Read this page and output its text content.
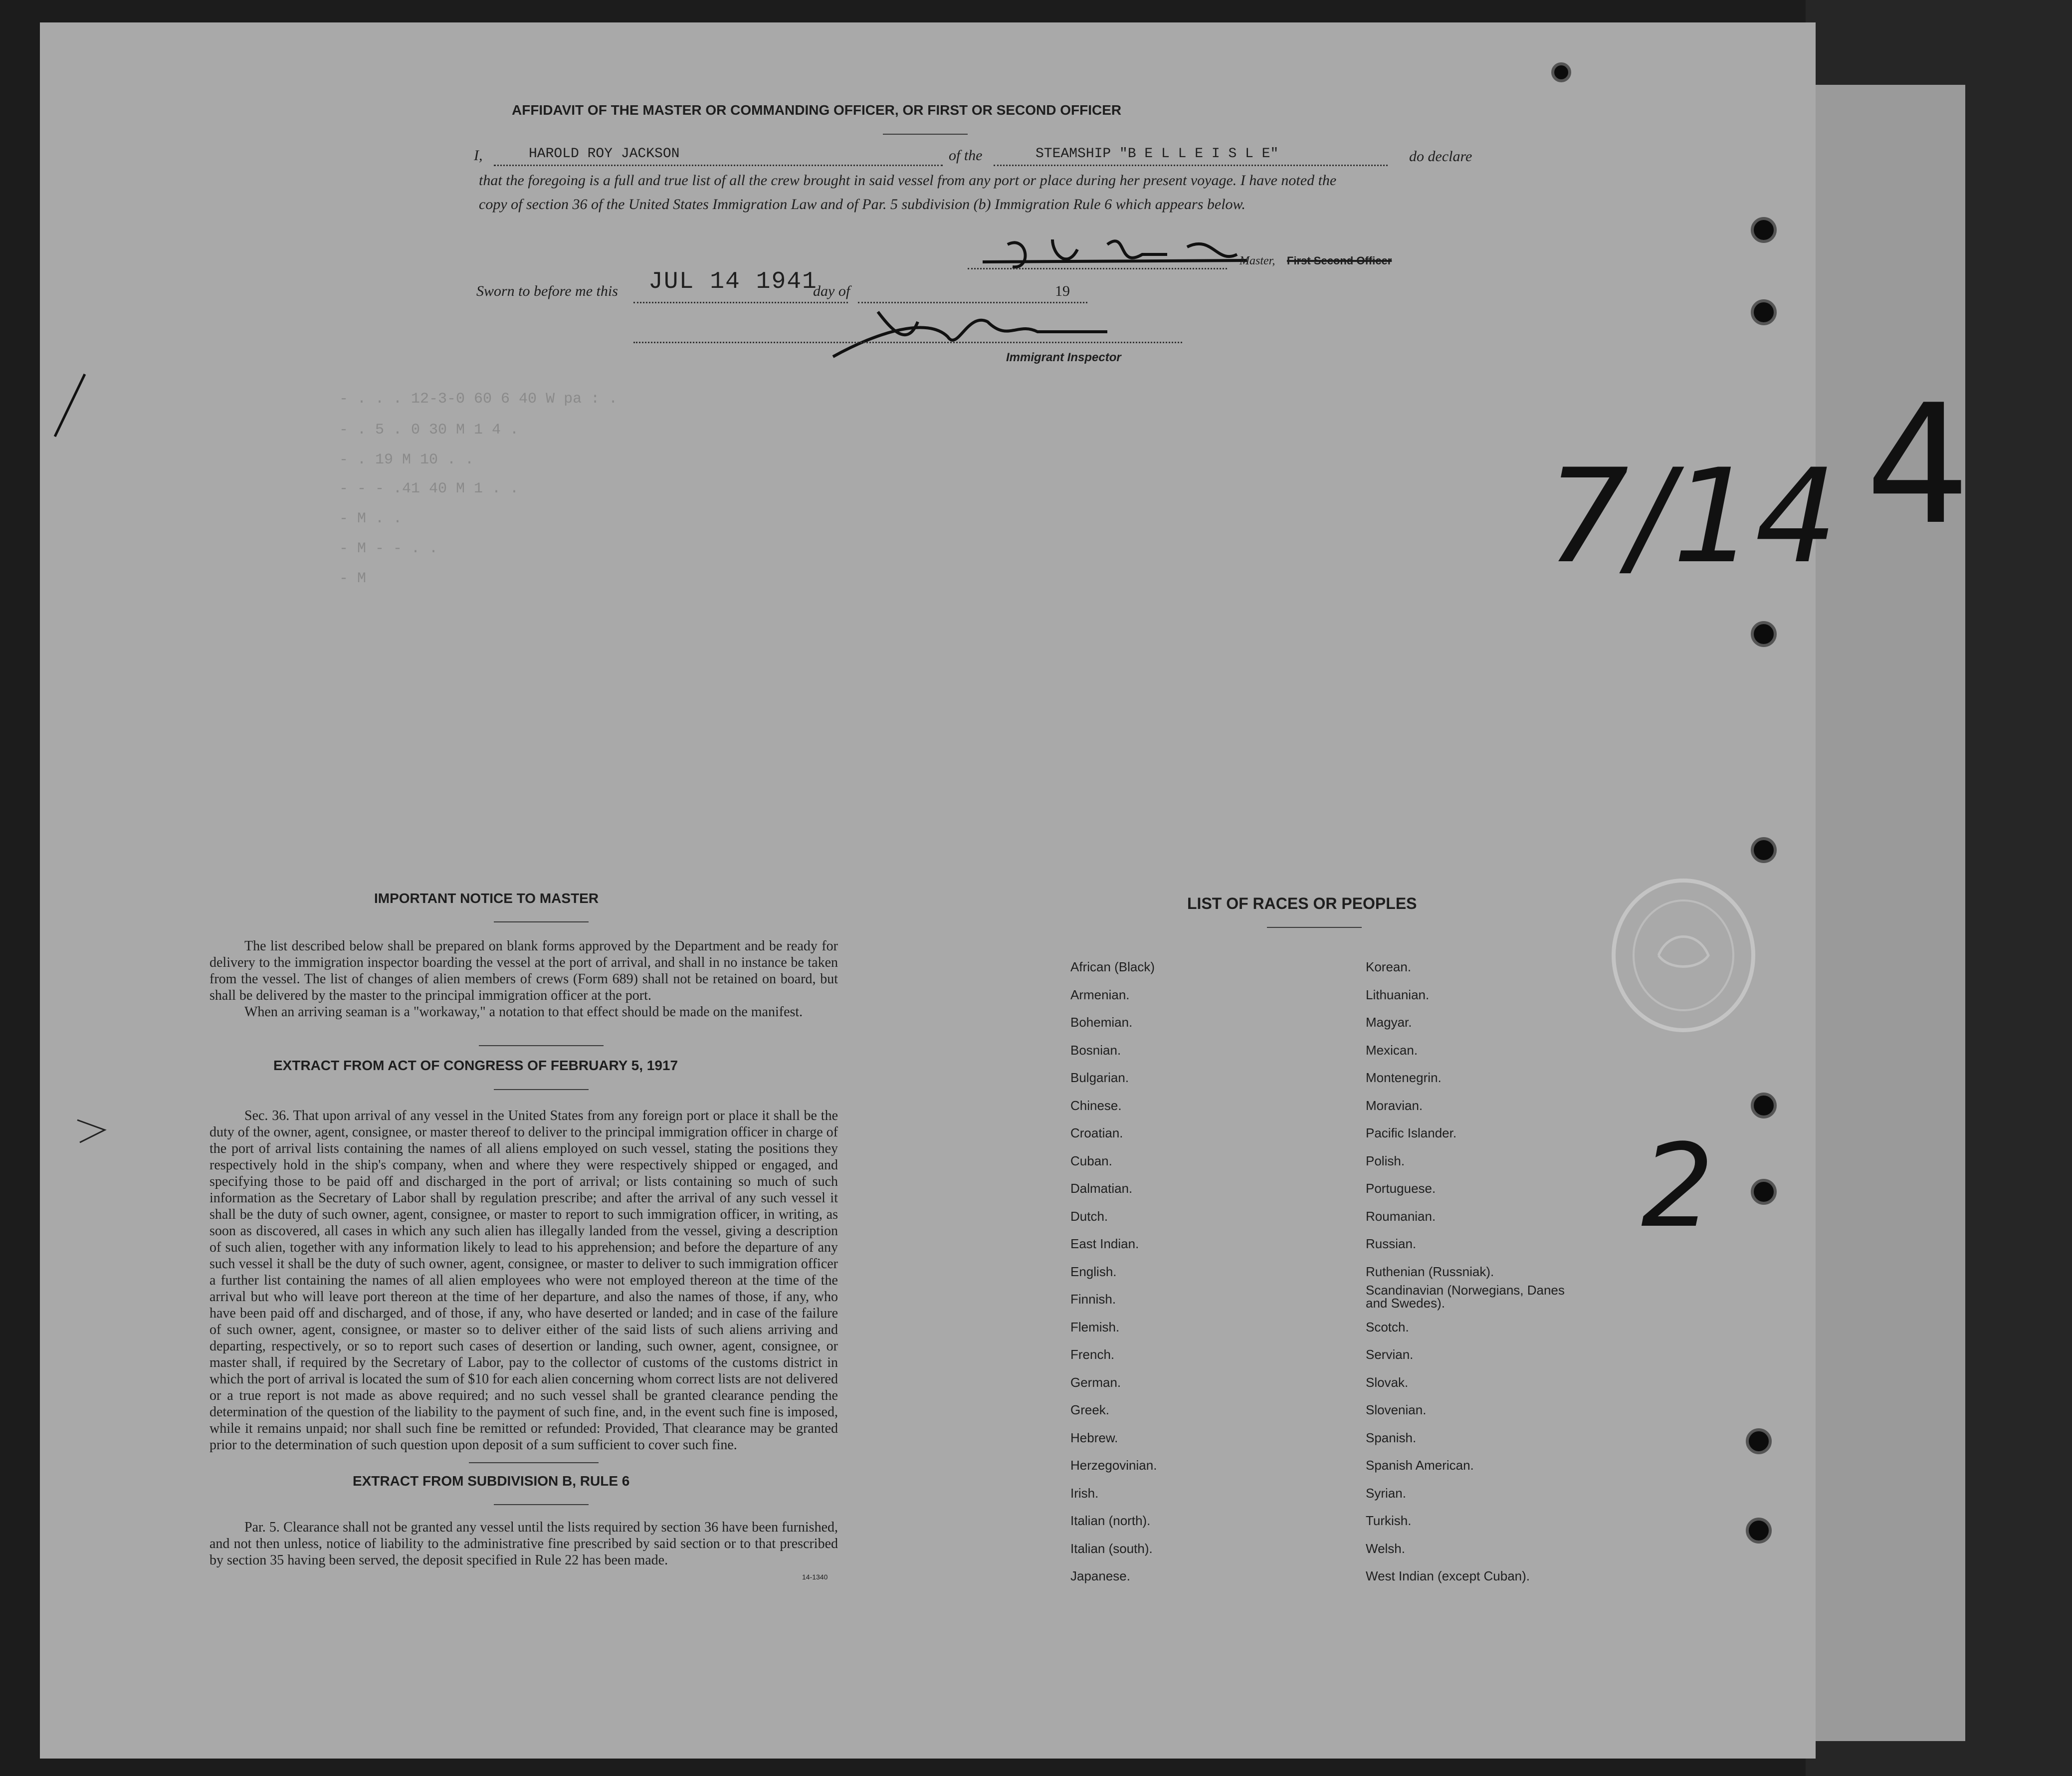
AFFIDAVIT OF THE MASTER OR COMMANDING OFFICER, OR FIRST OR SECOND OFFICER
I,	HAROLD ROY JACKSON	of the	STEAMSHIP "B E L L E I S L E"	do declare
that the foregoing is a full and true list of all the crew brought in said vessel from any port or place during her present voyage. I have noted the
copy of section 36 of the United States Immigration Law and of Par. 5 subdivision (b) Immigration Rule 6 which appears below.
Master, First Second Officer
Sworn to before me this JUL 14 1941
day of	19
Immigrant Inspector
- . . . 12-3-0 60 6 40 W pa : .
- . 5 . 0 30 M 1 4 .
- . 19 M 10 . .
- - - .41 40 M 1 . .
- M . .
- M - - . .
- M	7/14
2
IMPORTANT NOTICE TO MASTER
The list described below shall be prepared on blank forms approved by the Department and be ready for delivery to the immigration inspector boarding the vessel at the port of arrival, and shall in no instance be taken from the vessel. The list of changes of alien members of crews (Form 689) shall not be retained on board, but shall be delivered by the master to the principal immigration officer at the port.
When an arriving seaman is a "workaway," a notation to that effect should be made on the manifest.
EXTRACT FROM ACT OF CONGRESS OF FEBRUARY 5, 1917
Sec. 36. That upon arrival of any vessel in the United States from any foreign port or place it shall be the duty of the owner, agent, consignee, or master thereof to deliver to the principal immigration officer in charge of the port of arrival lists containing the names of all aliens employed on such vessel, stating the positions they respectively hold in the ship's company, when and where they were respectively shipped or engaged, and specifying those to be paid off and discharged in the port of arrival; or lists containing so much of such information as the Secretary of Labor shall by regulation prescribe; and after the arrival of any such vessel it shall be the duty of such owner, agent, consignee, or master to report to such immigration officer, in writing, as soon as discovered, all cases in which any such alien has illegally landed from the vessel, giving a description of such alien, together with any information likely to lead to his apprehension; and before the departure of any such vessel it shall be the duty of such owner, agent, consignee, or master to deliver to such immigration officer a further list containing the names of all alien employees who were not employed thereon at the time of the arrival but who will leave port thereon at the time of her departure, and also the names of those, if any, who have been paid off and discharged, and of those, if any, who have deserted or landed; and in case of the failure of such owner, agent, consignee, or master so to deliver either of the said lists of such aliens arriving and departing, respectively, or so to report such cases of desertion or landing, such owner, agent, consignee, or master shall, if required by the Secretary of Labor, pay to the collector of customs of the customs district in which the port of arrival is located the sum of $10 for each alien concerning whom correct lists are not delivered or a true report is not made as above required; and no such vessel shall be granted clearance pending the determination of the question of the liability to the payment of such fine, and, in the event such fine is imposed, while it remains unpaid; nor shall such fine be remitted or refunded: Provided, That clearance may be granted prior to the determination of such question upon deposit of a sum sufficient to cover such fine.
EXTRACT FROM SUBDIVISION B, RULE 6
Par. 5. Clearance shall not be granted any vessel until the lists required by section 36 have been furnished, and not then unless, notice of liability to the administrative fine prescribed by said section or to that prescribed by section 35 having been served, the deposit specified in Rule 22 has been made.
14-1340
LIST OF RACES OR PEOPLES
African (Black)
Armenian.
Bohemian.
Bosnian.
Bulgarian.
Chinese.
Croatian.
Cuban.
Dalmatian.
Dutch.
East Indian.
English.
Finnish.
Flemish.
French.
German.
Greek.
Hebrew.
Herzegovinian.
Irish.
Italian (north).
Italian (south).
Japanese.
Korean.
Lithuanian.
Magyar.
Mexican.
Montenegrin.
Moravian.
Pacific Islander.
Polish.
Portuguese.
Roumanian.
Russian.
Ruthenian (Russniak).
Scandinavian (Norwegians, Danes and Swedes).
Scotch.
Servian.
Slovak.
Slovenian.
Spanish.
Spanish American.
Syrian.
Turkish.
Welsh.
West Indian (except Cuban).
4
